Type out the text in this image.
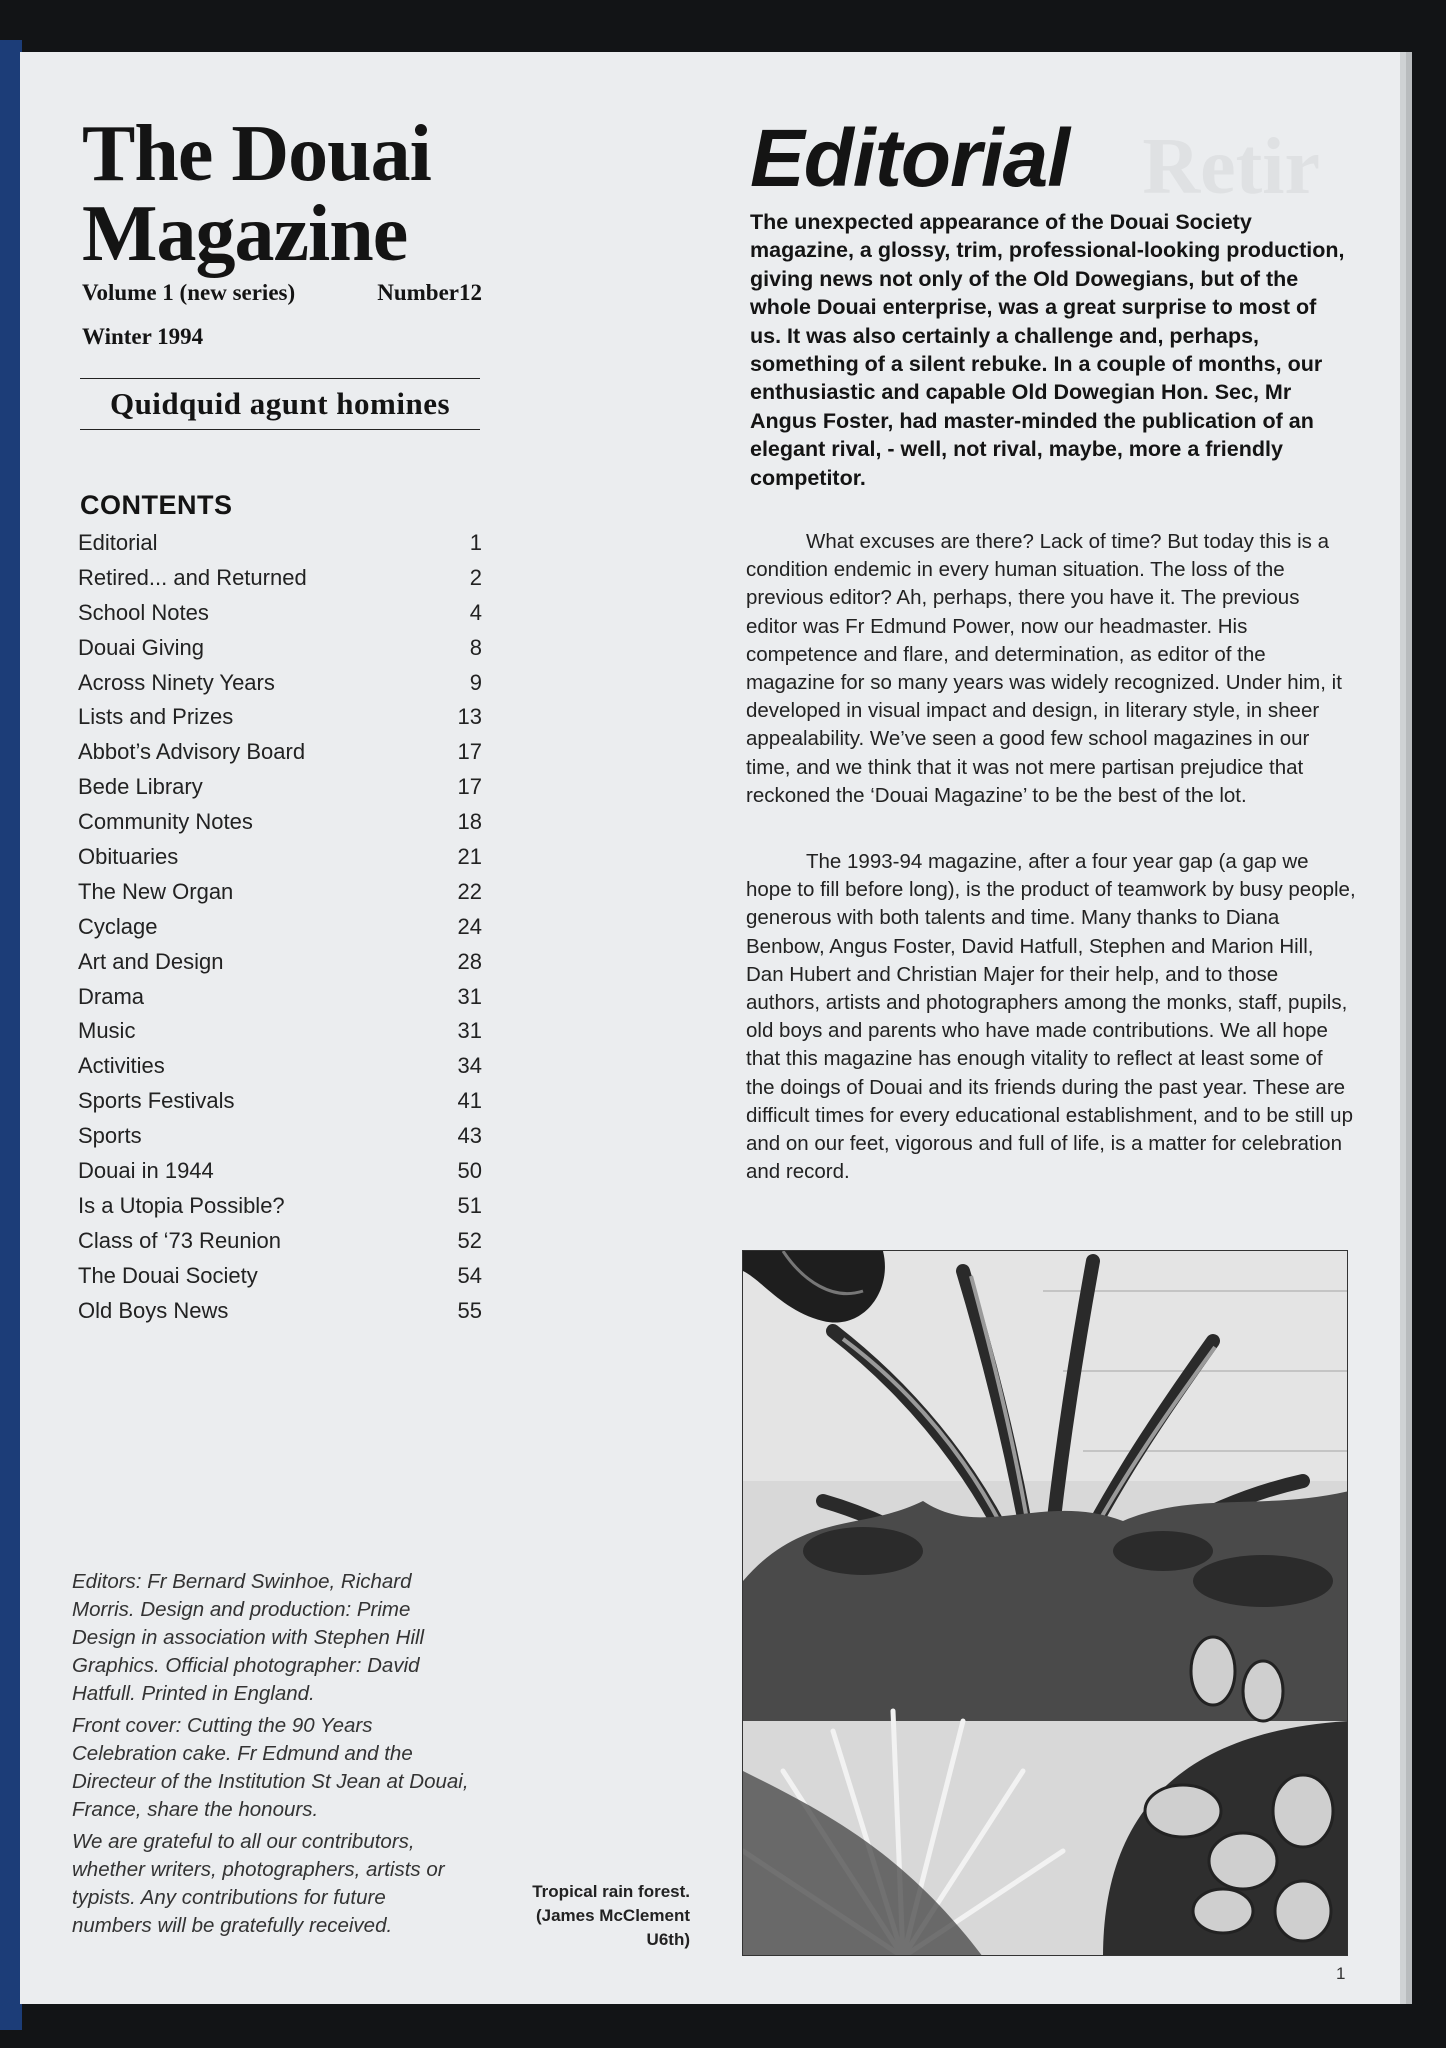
Retir
The Douai
Magazine
Volume 1 (new series)	Number12
Winter 1994
Quidquid agunt homines
CONTENTS
Editorial	1
Retired... and Returned	2
School Notes	4
Douai Giving	8
Across Ninety Years	9
Lists and Prizes	13
Abbot’s Advisory Board	17
Bede Library	17
Community Notes	18
Obituaries	21
The New Organ	22
Cyclage	24
Art and Design	28
Drama	31
Music	31
Activities	34
Sports Festivals	41
Sports	43
Douai in 1944	50
Is a Utopia Possible?	51
Class of ‘73 Reunion	52
The Douai Society	54
Old Boys News	55

Editors: Fr Bernard Swinhoe, Richard Morris. Design and production: Prime Design in association with Stephen Hill Graphics. Official photographer: David Hatfull. Printed in England.

Front cover: Cutting the 90 Years Celebration cake. Fr Edmund and the Directeur of the Institution St Jean at Douai, France, share the honours.

We are grateful to all our contributors, whether writers, photographers, artists or typists. Any contributions for future numbers will be gratefully received.

Tropical rain forest. (James McClement U6th)
Editorial

The unexpected appearance of the Douai Society magazine, a glossy, trim, professional-looking production, giving news not only of the Old Dowegians, but of the whole Douai enterprise, was a great surprise to most of us. It was also certainly a challenge and, perhaps, something of a silent rebuke. In a couple of months, our enthusiastic and capable Old Dowegian Hon. Sec, Mr Angus Foster, had master-minded the publication of an elegant rival, - well, not rival, maybe, more a friendly competitor.

What excuses are there? Lack of time? But today this is a condition endemic in every human situation. The loss of the previous editor? Ah, perhaps, there you have it. The previous editor was Fr Edmund Power, now our headmaster. His competence and flare, and determination, as editor of the magazine for so many years was widely recognized. Under him, it developed in visual impact and design, in literary style, in sheer appealability. We’ve seen a good few school magazines in our time, and we think that it was not mere partisan prejudice that reckoned the ‘Douai Magazine’ to be the best of the lot.

The 1993-94 magazine, after a four year gap (a gap we hope to fill before long), is the product of teamwork by busy people, generous with both talents and time. Many thanks to Diana Benbow, Angus Foster, David Hatfull, Stephen and Marion Hill, Dan Hubert and Christian Majer for their help, and to those authors, artists and photographers among the monks, staff, pupils, old boys and parents who have made contributions. We all hope that this magazine has enough vitality to reflect at least some of the doings of Douai and its friends during the past year. These are difficult times for every educational establishment, and to be still up and on our feet, vigorous and full of life, is a matter for celebration and record.

1
